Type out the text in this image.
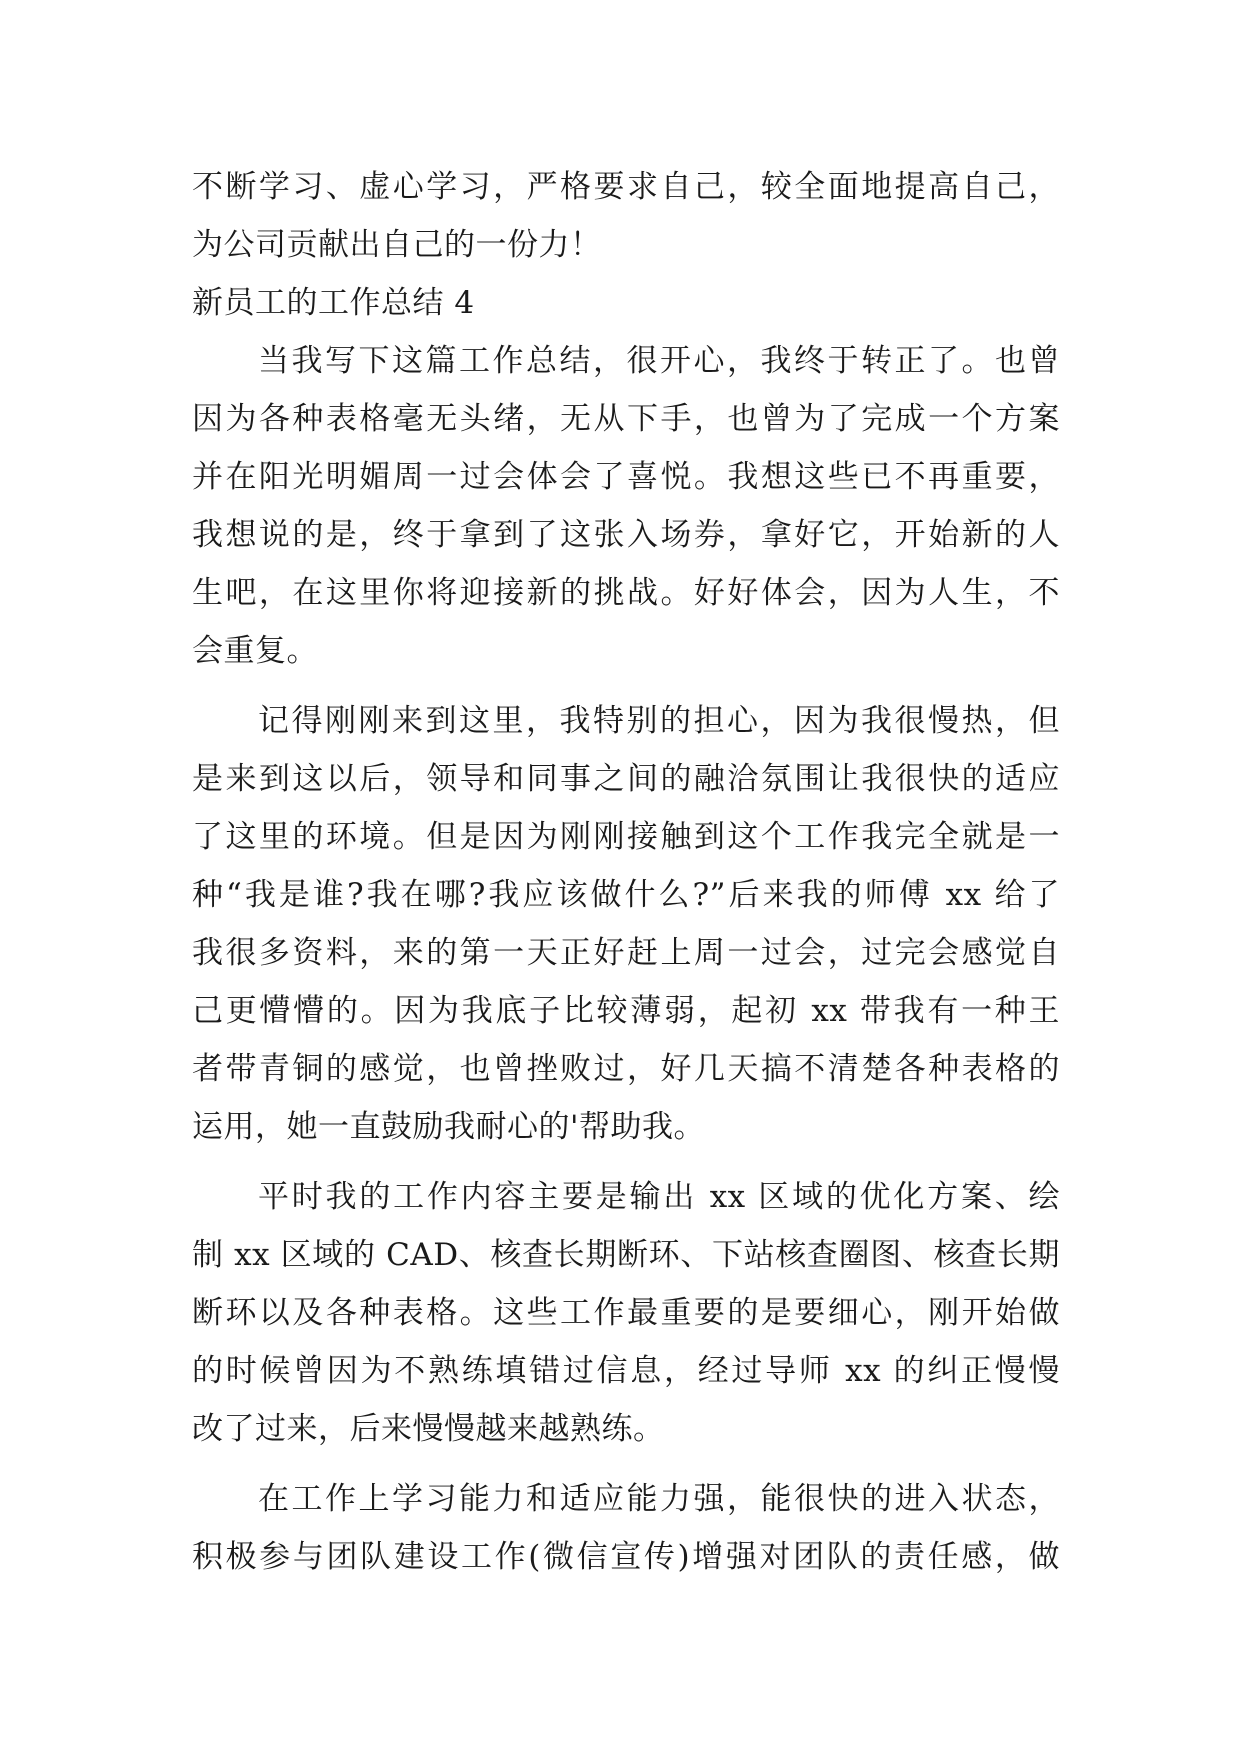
不断学习、虚心学习，严格要求自己，较全面地提高自己，
为公司贡献出自己的一份力！
新员工的工作总结 4
当我写下这篇工作总结，很开心，我终于转正了。也曾
因为各种表格毫无头绪，无从下手，也曾为了完成一个方案
并在阳光明媚周一过会体会了喜悦。我想这些已不再重要，
我想说的是，终于拿到了这张入场券，拿好它，开始新的人
生吧，在这里你将迎接新的挑战。好好体会，因为人生，不
会重复。
记得刚刚来到这里，我特别的担心，因为我很慢热，但
是来到这以后，领导和同事之间的融洽氛围让我很快的适应
了这里的环境。但是因为刚刚接触到这个工作我完全就是一
种“我是谁?我在哪?我应该做什么?”后来我的师傅 xx 给了
我很多资料，来的第一天正好赶上周一过会，过完会感觉自
己更懵懵的。因为我底子比较薄弱，起初 xx 带我有一种王
者带青铜的感觉，也曾挫败过，好几天搞不清楚各种表格的
运用，她一直鼓励我耐心的'帮助我。
平时我的工作内容主要是输出 xx 区域的优化方案、绘
制 xx 区域的 CAD、核查长期断环、下站核查圈图、核查长期
断环以及各种表格。这些工作最重要的是要细心，刚开始做
的时候曾因为不熟练填错过信息，经过导师 xx 的纠正慢慢
改了过来，后来慢慢越来越熟练。
在工作上学习能力和适应能力强，能很快的进入状态，
积极参与团队建设工作(微信宣传)增强对团队的责任感，做
